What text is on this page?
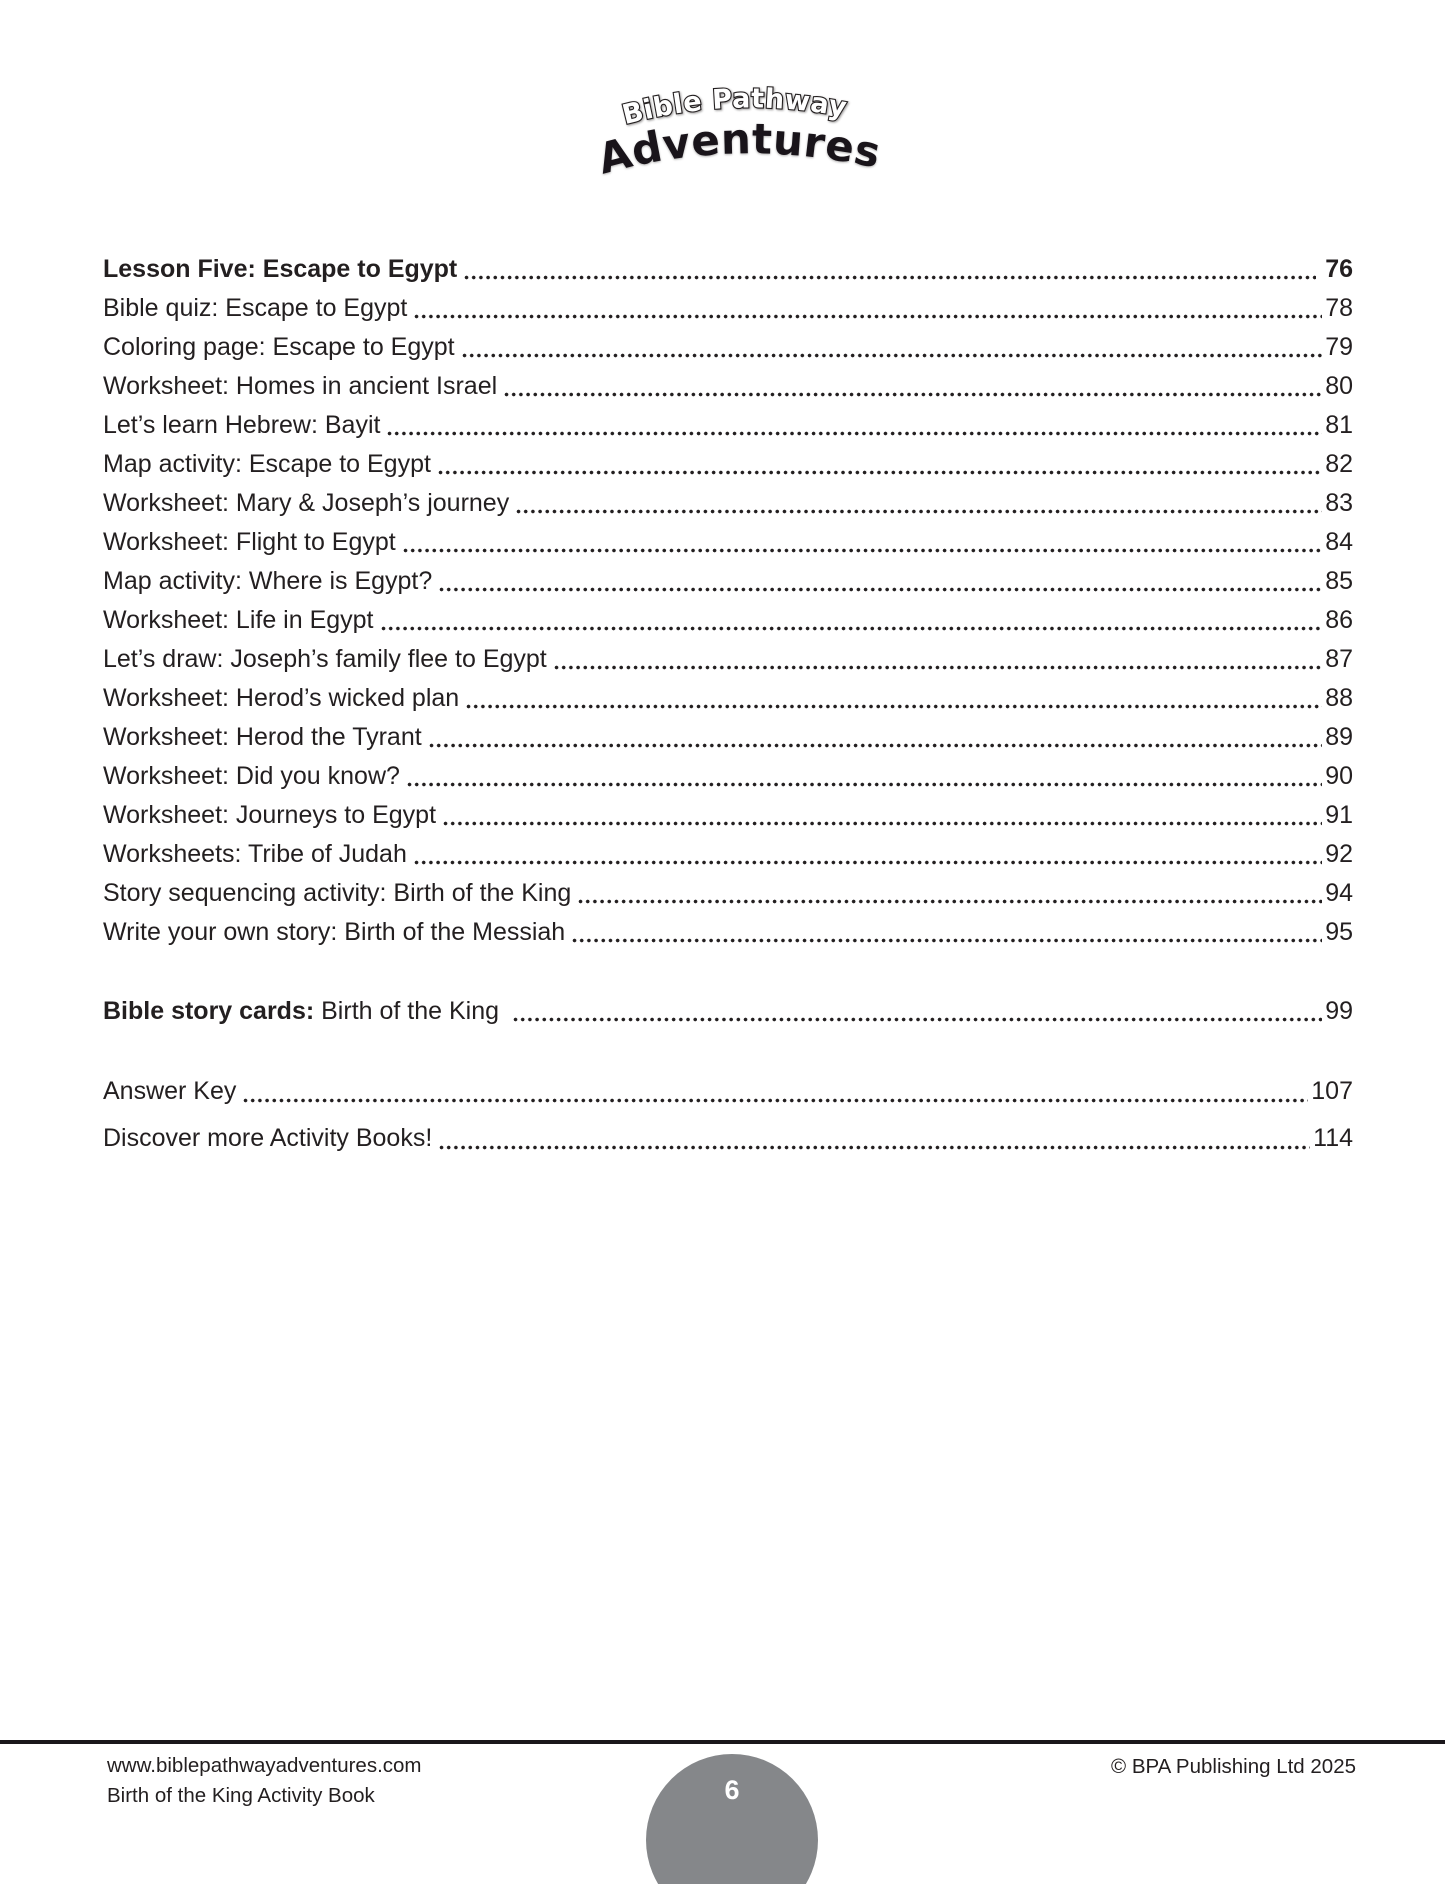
Bible Pathway
Adventures
Lesson Five: Escape to Egypt	76
Bible quiz: Escape to Egypt	78
Coloring page: Escape to Egypt	79
Worksheet: Homes in ancient Israel	80
Let’s learn Hebrew: Bayit	81
Map activity: Escape to Egypt	82
Worksheet: Mary & Joseph’s journey	83
Worksheet: Flight to Egypt	84
Map activity: Where is Egypt?	85
Worksheet: Life in Egypt	86
Let’s draw: Joseph’s family flee to Egypt	87
Worksheet: Herod’s wicked plan	88
Worksheet: Herod the Tyrant	89
Worksheet: Did you know?	90
Worksheet: Journeys to Egypt	91
Worksheets: Tribe of Judah	92
Story sequencing activity: Birth of the King	94
Write your own story: Birth of the Messiah	95
Bible story cards: Birth of the King	99
Answer Key	107
Discover more Activity Books!	114
www.biblepathwayadventures.com
Birth of the King Activity Book
© BPA Publishing Ltd 2025
6
